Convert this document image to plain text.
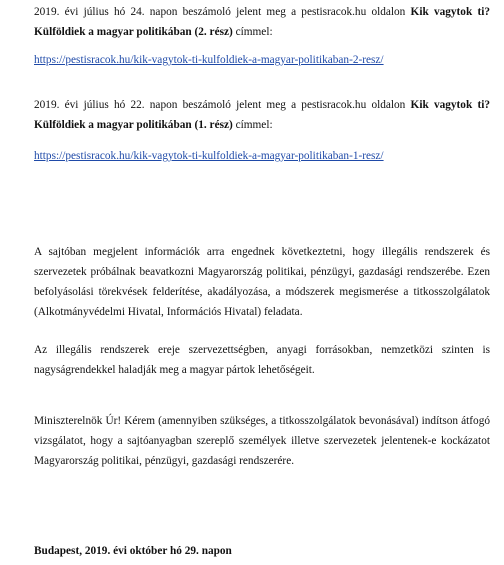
2019. évi július hó 24. napon beszámoló jelent meg a pestisracok.hu oldalon Kik vagytok ti? Külföldiek a magyar politikában (2. rész) címmel:
https://pestisracok.hu/kik-vagytok-ti-kulfoldiek-a-magyar-politikaban-2-resz/
2019. évi július hó 22. napon beszámoló jelent meg a pestisracok.hu oldalon Kik vagytok ti? Külföldiek a magyar politikában (1. rész) címmel:
https://pestisracok.hu/kik-vagytok-ti-kulfoldiek-a-magyar-politikaban-1-resz/
A sajtóban megjelent információk arra engednek következtetni, hogy illegális rendszerek és szervezetek próbálnak beavatkozni Magyarország politikai, pénzügyi, gazdasági rendszerébe. Ezen befolyásolási törekvések felderítése, akadályozása, a módszerek megismerése a titkosszolgálatok (Alkotmányvédelmi Hivatal, Információs Hivatal) feladata.
Az illegális rendszerek ereje szervezettségben, anyagi forrásokban, nemzetközi szinten is nagyságrendekkel haladják meg a magyar pártok lehetőségeit.
Miniszterelnök Úr! Kérem (amennyiben szükséges, a titkosszolgálatok bevonásával) indítson átfogó vizsgálatot, hogy a sajtóanyagban szereplő személyek illetve szervezetek jelentenek-e kockázatot Magyarország politikai, pénzügyi, gazdasági rendszerére.
Budapest, 2019. évi október hó 29. napon
